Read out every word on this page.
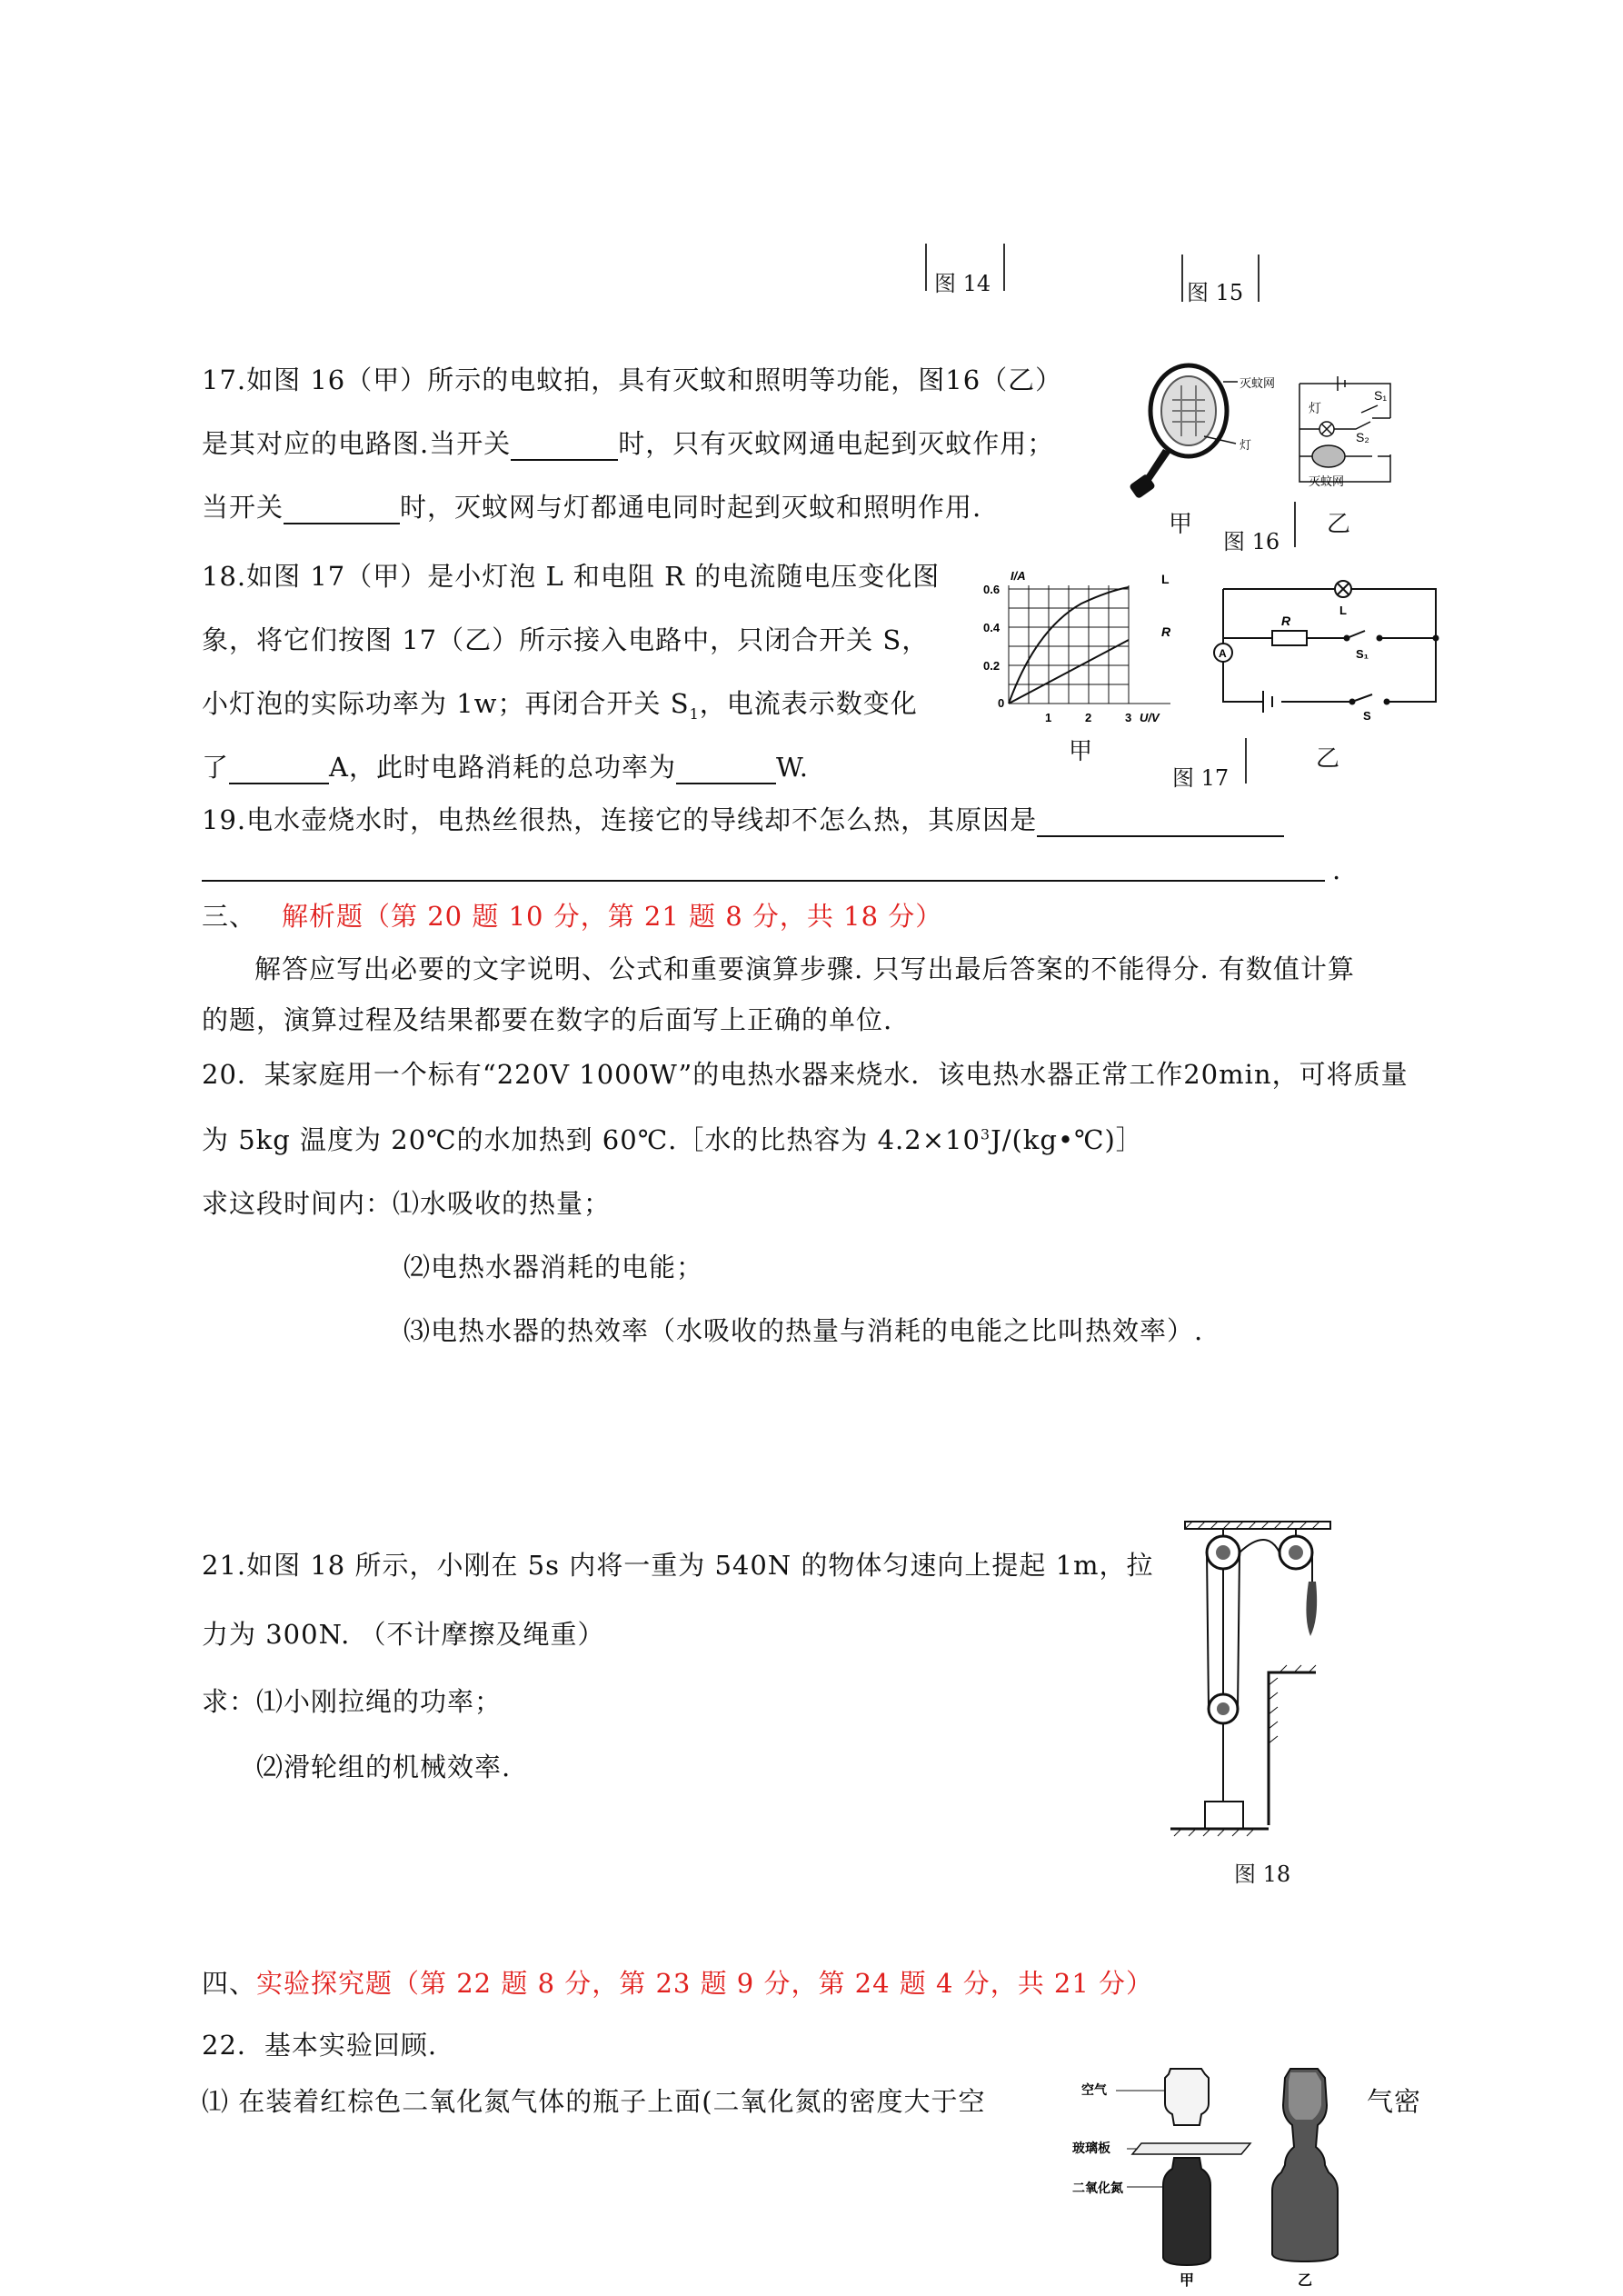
图 14	图 15
17.如图 16（甲）所示的电蚊拍，具有灭蚊和照明等功能，图16（乙）
是其对应的电路图.当开关	时，只有灭蚊网通电起到灭蚊作用；
当开关	时，灭蚊网与灯都通电同时起到灭蚊和照明作用.
灭蚊网
灯
灯
S₁
S₂
灭蚊网
甲
图 16
乙
18.如图 17（甲）是小灯泡 L 和电阻 R 的电流随电压变化图
象，将它们按图 17（乙）所示接入电路中，只闭合开关 S，
小灯泡的实际功率为 1w；再闭合开关 $S_1$，电流表示数变化
了	A，此时电路消耗的总功率为	W.
I/A
0.6
0.4
0.2
0
1	2	3 U/V
L
R
甲
L
R
S₁
S
A
图 17
乙
19.电水壶烧水时，电热丝很热，连接它的导线却不怎么热，其原因是
.
三、 解析题（第 20 题 10 分，第 21 题 8 分，共 18 分）
解答应写出必要的文字说明、公式和重要演算步骤. 只写出最后答案的不能得分. 有数值计算
的题，演算过程及结果都要在数字的后面写上正确的单位.
20．某家庭用一个标有“220V 1000W”的电热水器来烧水．该电热水器正常工作20min，可将质量
为 5kg 温度为 20℃的水加热到 60℃.［水的比热容为 $4.2\times 10^3J/(kg•℃)]$
求这段时间内：⑴水吸收的热量；
⑵电热水器消耗的电能；
⑶电热水器的热效率（水吸收的热量与消耗的电能之比叫热效率）.
21.如图 18 所示，小刚在 5s 内将一重为 540N 的物体匀速向上提起 1m，拉
力为 300N. （不计摩擦及绳重）
求：⑴小刚拉绳的功率；
⑵滑轮组的机械效率.
图 18
四、实验探究题（第 22 题 8 分，第 23 题 9 分，第 24 题 4 分，共 21 分）
22．基本实验回顾.
⑴ 在装着红棕色二氧化氮气体的瓶子上面(二氧化氮的密度大于空	气密
空气
玻璃板
二氧化氮
甲	乙
